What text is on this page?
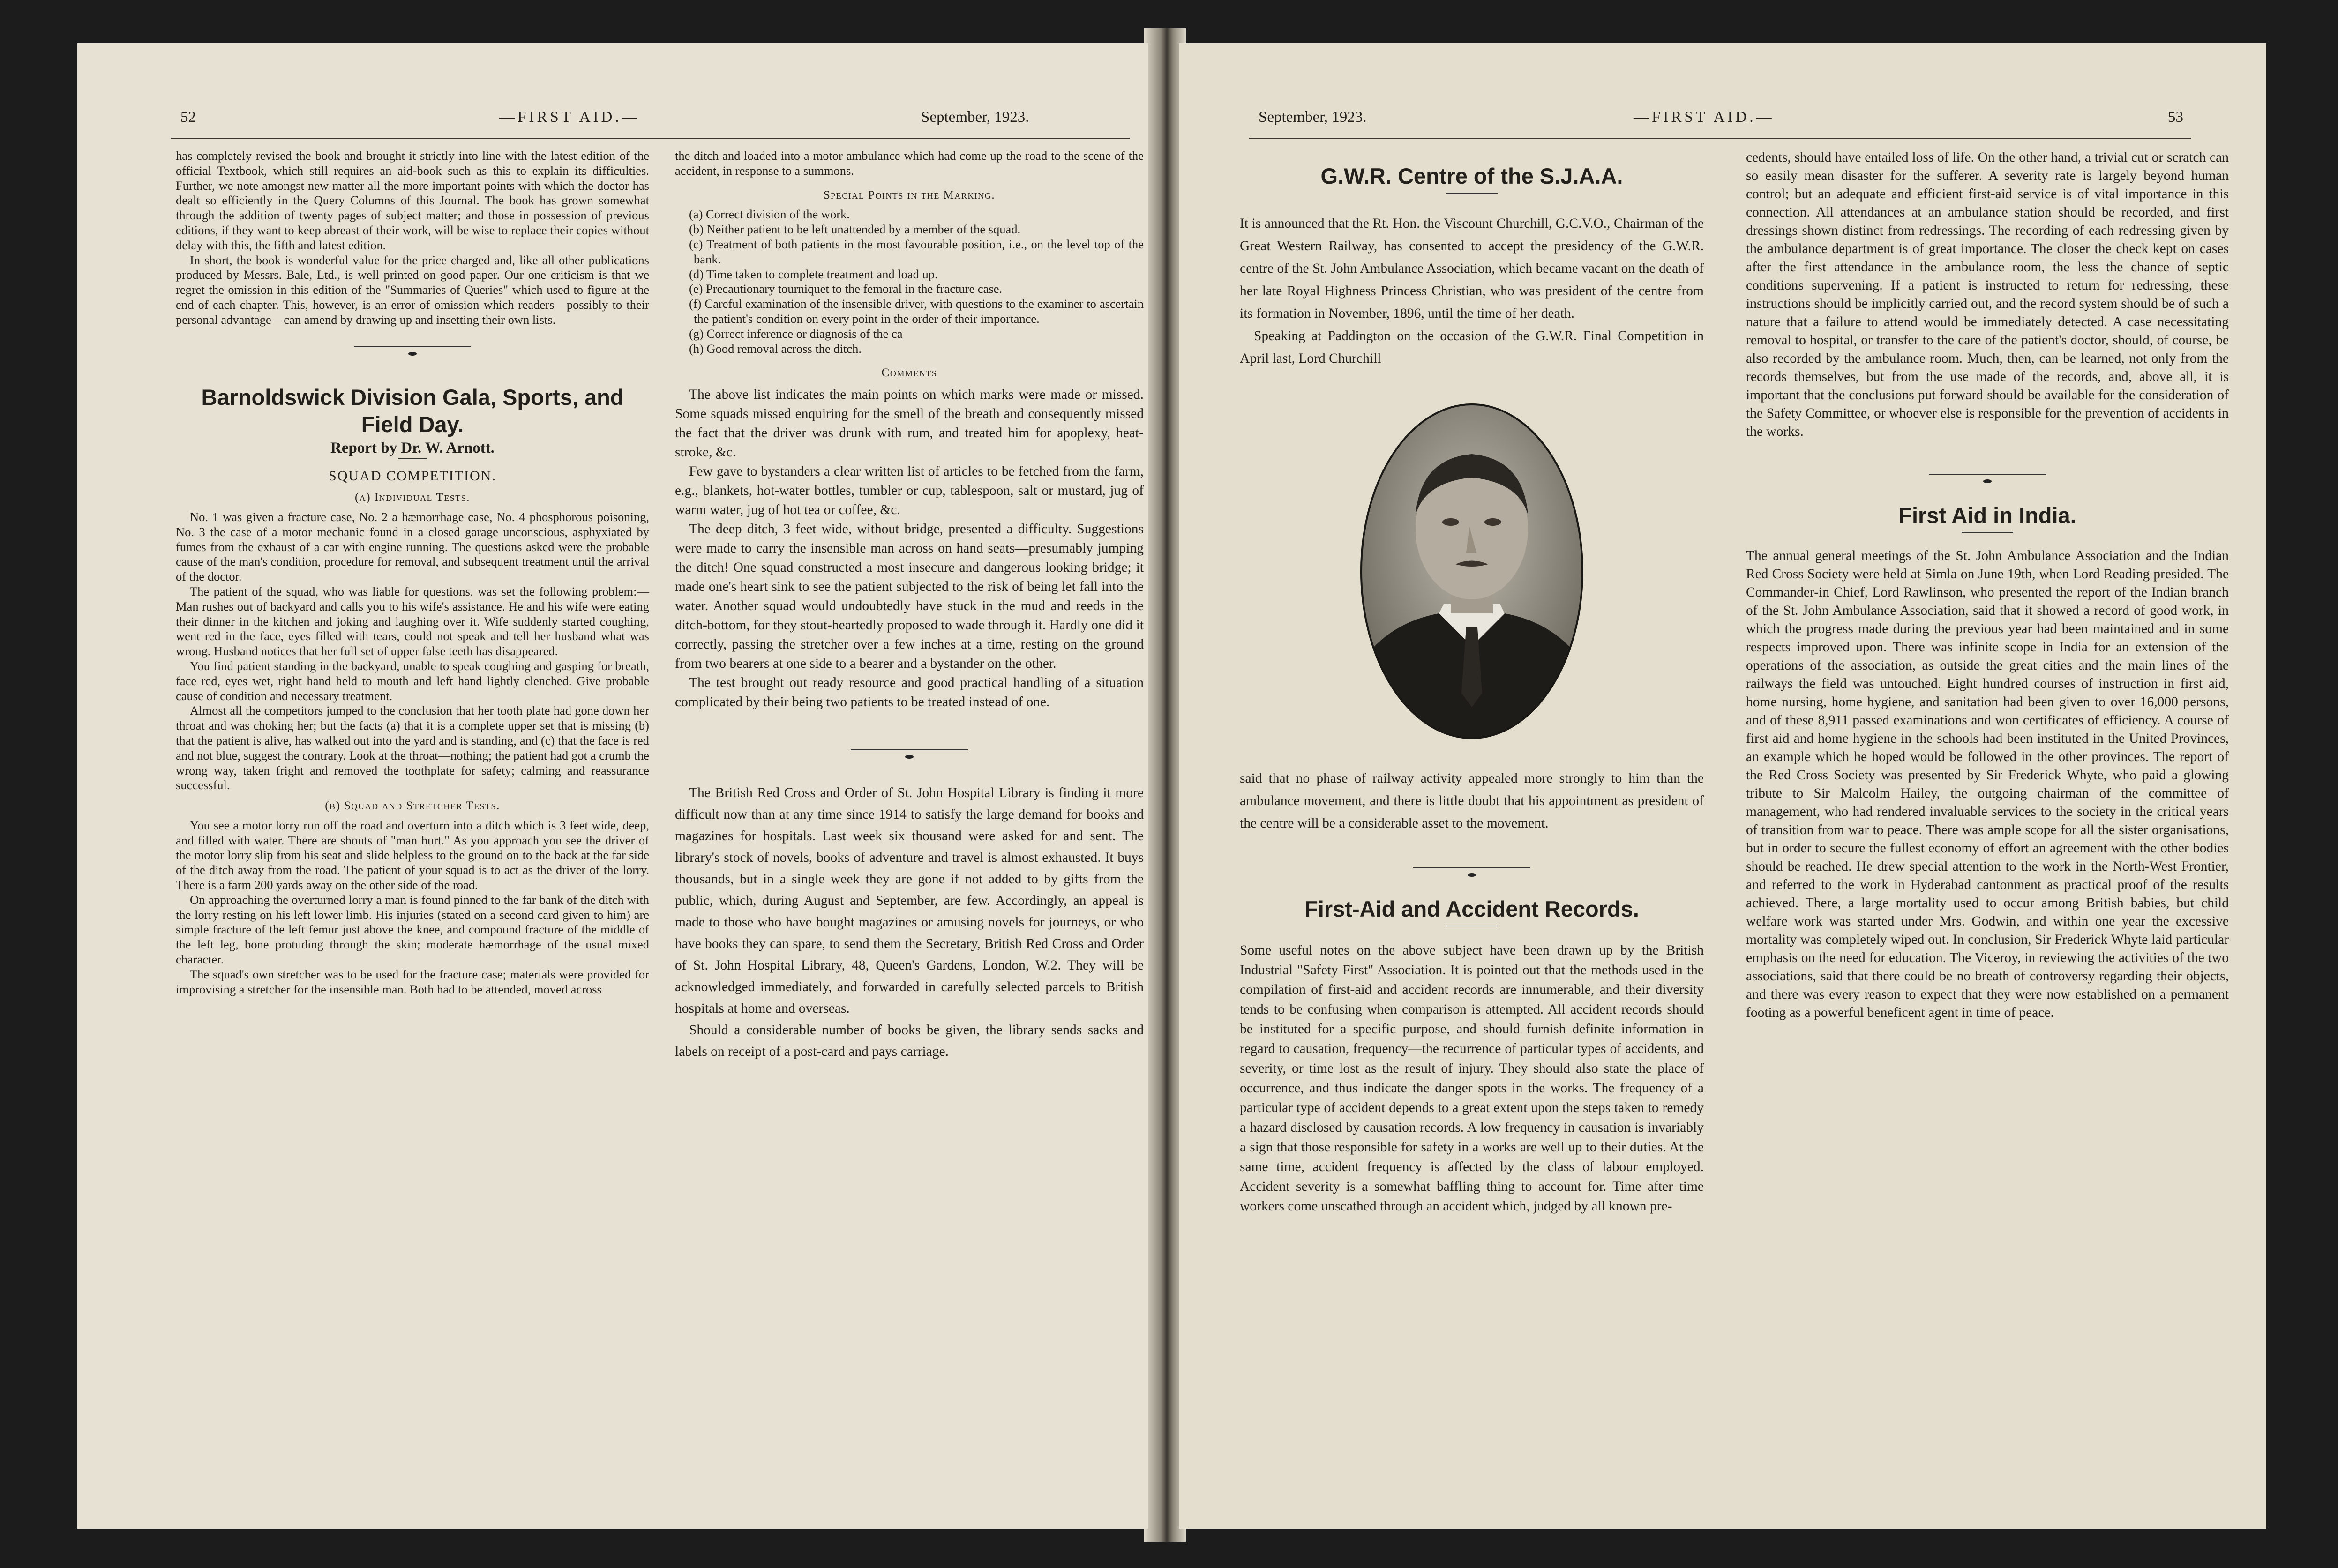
52	—FIRST AID.—	September, 1923.

has completely revised the book and brought it strictly into line with the latest edition of the official Textbook, which still requires an aid-book such as this to explain its difficulties. Further, we note amongst new matter all the more important points with which the doctor has dealt so efficiently in the Query Columns of this Journal. The book has grown somewhat through the addition of twenty pages of subject matter; and those in possession of previous editions, if they want to keep abreast of their work, will be wise to replace their copies without delay with this, the fifth and latest edition.

In short, the book is wonderful value for the price charged and, like all other publications produced by Messrs. Bale, Ltd., is well printed on good paper. Our one criticism is that we regret the omission in this edition of the "Summaries of Queries" which used to figure at the end of each chapter. This, however, is an error of omission which readers—possibly to their personal advantage—can amend by drawing up and insetting their own lists.

Barnoldswick Division Gala, Sports, and Field Day.
Report by Dr. W. Arnott.
SQUAD COMPETITION.
(a) Individual Tests.

No. 1 was given a fracture case, No. 2 a hæmorrhage case, No. 4 phosphorous poisoning, No. 3 the case of a motor mechanic found in a closed garage unconscious, asphyxiated by fumes from the exhaust of a car with engine running. The questions asked were the probable cause of the man's condition, procedure for removal, and subsequent treatment until the arrival of the doctor.

The patient of the squad, who was liable for questions, was set the following problem:—Man rushes out of backyard and calls you to his wife's assistance. He and his wife were eating their dinner in the kitchen and joking and laughing over it. Wife suddenly started coughing, went red in the face, eyes filled with tears, could not speak and tell her husband what was wrong. Husband notices that her full set of upper false teeth has disappeared.

You find patient standing in the backyard, unable to speak coughing and gasping for breath, face red, eyes wet, right hand held to mouth and left hand lightly clenched. Give probable cause of condition and necessary treatment.

Almost all the competitors jumped to the conclusion that her tooth plate had gone down her throat and was choking her; but the facts (a) that it is a complete upper set that is missing (b) that the patient is alive, has walked out into the yard and is standing, and (c) that the face is red and not blue, suggest the contrary. Look at the throat—nothing; the patient had got a crumb the wrong way, taken fright and removed the toothplate for safety; calming and reassurance successful.

(b) Squad and Stretcher Tests.

You see a motor lorry run off the road and overturn into a ditch which is 3 feet wide, deep, and filled with water. There are shouts of "man hurt." As you approach you see the driver of the motor lorry slip from his seat and slide helpless to the ground on to the back at the far side of the ditch away from the road. The patient of your squad is to act as the driver of the lorry. There is a farm 200 yards away on the other side of the road.

On approaching the overturned lorry a man is found pinned to the far bank of the ditch with the lorry resting on his left lower limb. His injuries (stated on a second card given to him) are simple fracture of the left femur just above the knee, and compound fracture of the middle of the left leg, bone protuding through the skin; moderate hæmorrhage of the usual mixed character.

The squad's own stretcher was to be used for the fracture case; materials were provided for improvising a stretcher for the insensible man. Both had to be attended, moved across

the ditch and loaded into a motor ambulance which had come up the road to the scene of the accident, in response to a summons.

Special Points in the Marking.

(a) Correct division of the work.

(b) Neither patient to be left unattended by a member of the squad.

(c) Treatment of both patients in the most favourable position, i.e., on the level top of the bank.

(d) Time taken to complete treatment and load up.

(e) Precautionary tourniquet to the femoral in the fracture case.

(f) Careful examination of the insensible driver, with questions to the examiner to ascertain the patient's condition on every point in the order of their importance.

(g) Correct inference or diagnosis of the ca

(h) Good removal across the ditch.

Comments

The above list indicates the main points on which marks were made or missed. Some squads missed enquiring for the smell of the breath and consequently missed the fact that the driver was drunk with rum, and treated him for apoplexy, heat-stroke, &c.

Few gave to bystanders a clear written list of articles to be fetched from the farm, e.g., blankets, hot-water bottles, tumbler or cup, tablespoon, salt or mustard, jug of warm water, jug of hot tea or coffee, &c.

The deep ditch, 3 feet wide, without bridge, presented a difficulty. Suggestions were made to carry the insensible man across on hand seats—presumably jumping the ditch! One squad constructed a most insecure and dangerous looking bridge; it made one's heart sink to see the patient subjected to the risk of being let fall into the water. Another squad would undoubtedly have stuck in the mud and reeds in the ditch-bottom, for they stout-heartedly proposed to wade through it. Hardly one did it correctly, passing the stretcher over a few inches at a time, resting on the ground from two bearers at one side to a bearer and a bystander on the other.

The test brought out ready resource and good practical handling of a situation complicated by their being two patients to be treated instead of one.

The British Red Cross and Order of St. John Hospital Library is finding it more difficult now than at any time since 1914 to satisfy the large demand for books and magazines for hospitals. Last week six thousand were asked for and sent. The library's stock of novels, books of adventure and travel is almost exhausted. It buys thousands, but in a single week they are gone if not added to by gifts from the public, which, during August and September, are few. Accordingly, an appeal is made to those who have bought magazines or amusing novels for journeys, or who have books they can spare, to send them the Secretary, British Red Cross and Order of St. John Hospital Library, 48, Queen's Gardens, London, W.2. They will be acknowledged immediately, and forwarded in carefully selected parcels to British hospitals at home and overseas.

Should a considerable number of books be given, the library sends sacks and labels on receipt of a post-card and pays carriage.

September, 1923.	—FIRST AID.—	53
G.W.R. Centre of the S.J.A.A.

It is announced that the Rt. Hon. the Viscount Churchill, G.C.V.O., Chairman of the Great Western Railway, has consented to accept the presidency of the G.W.R. centre of the St. John Ambulance Association, which became vacant on the death of her late Royal Highness Princess Christian, who was president of the centre from its formation in November, 1896, until the time of her death.

Speaking at Paddington on the occasion of the G.W.R. Final Competition in April last, Lord Churchill

said that no phase of railway activity appealed more strongly to him than the ambulance movement, and there is little doubt that his appointment as president of the centre will be a considerable asset to the movement.

First-Aid and Accident Records.

Some useful notes on the above subject have been drawn up by the British Industrial "Safety First" Association. It is pointed out that the methods used in the compilation of first-aid and accident records are innumerable, and their diversity tends to be confusing when comparison is attempted. All accident records should be instituted for a specific purpose, and should furnish definite information in regard to causation, frequency—the recurrence of particular types of accidents, and severity, or time lost as the result of injury. They should also state the place of occurrence, and thus indicate the danger spots in the works. The frequency of a particular type of accident depends to a great extent upon the steps taken to remedy a hazard disclosed by causation records. A low frequency in causation is invariably a sign that those responsible for safety in a works are well up to their duties. At the same time, accident frequency is affected by the class of labour employed. Accident severity is a somewhat baffling thing to account for. Time after time workers come unscathed through an accident which, judged by all known pre-

cedents, should have entailed loss of life. On the other hand, a trivial cut or scratch can so easily mean disaster for the sufferer. A severity rate is largely beyond human control; but an adequate and efficient first-aid service is of vital importance in this connection. All attendances at an ambulance station should be recorded, and first dressings shown distinct from redressings. The recording of each redressing given by the ambulance department is of great importance. The closer the check kept on cases after the first attendance in the ambulance room, the less the chance of septic conditions supervening. If a patient is instructed to return for redressing, these instructions should be implicitly carried out, and the record system should be of such a nature that a failure to attend would be immediately detected. A case necessitating removal to hospital, or transfer to the care of the patient's doctor, should, of course, be also recorded by the ambulance room. Much, then, can be learned, not only from the records themselves, but from the use made of the records, and, above all, it is important that the conclusions put forward should be available for the consideration of the Safety Committee, or whoever else is responsible for the prevention of accidents in the works.

First Aid in India.

The annual general meetings of the St. John Ambulance Association and the Indian Red Cross Society were held at Simla on June 19th, when Lord Reading presided. The Commander-in Chief, Lord Rawlinson, who presented the report of the Indian branch of the St. John Ambulance Association, said that it showed a record of good work, in which the progress made during the previous year had been maintained and in some respects improved upon. There was infinite scope in India for an extension of the operations of the association, as outside the great cities and the main lines of the railways the field was untouched. Eight hundred courses of instruction in first aid, home nursing, home hygiene, and sanitation had been given to over 16,000 persons, and of these 8,911 passed examinations and won certificates of efficiency. A course of first aid and home hygiene in the schools had been instituted in the United Provinces, an example which he hoped would be followed in the other provinces. The report of the Red Cross Society was presented by Sir Frederick Whyte, who paid a glowing tribute to Sir Malcolm Hailey, the outgoing chairman of the committee of management, who had rendered invaluable services to the society in the critical years of transition from war to peace. There was ample scope for all the sister organisations, but in order to secure the fullest economy of effort an agreement with the other bodies should be reached. He drew special attention to the work in the North-West Frontier, and referred to the work in Hyderabad cantonment as practical proof of the results achieved. There, a large mortality used to occur among British babies, but child welfare work was started under Mrs. Godwin, and within one year the excessive mortality was completely wiped out. In conclusion, Sir Frederick Whyte laid particular emphasis on the need for education. The Viceroy, in reviewing the activities of the two associations, said that there could be no breath of controversy regarding their objects, and there was every reason to expect that they were now established on a permanent footing as a powerful beneficent agent in time of peace.
